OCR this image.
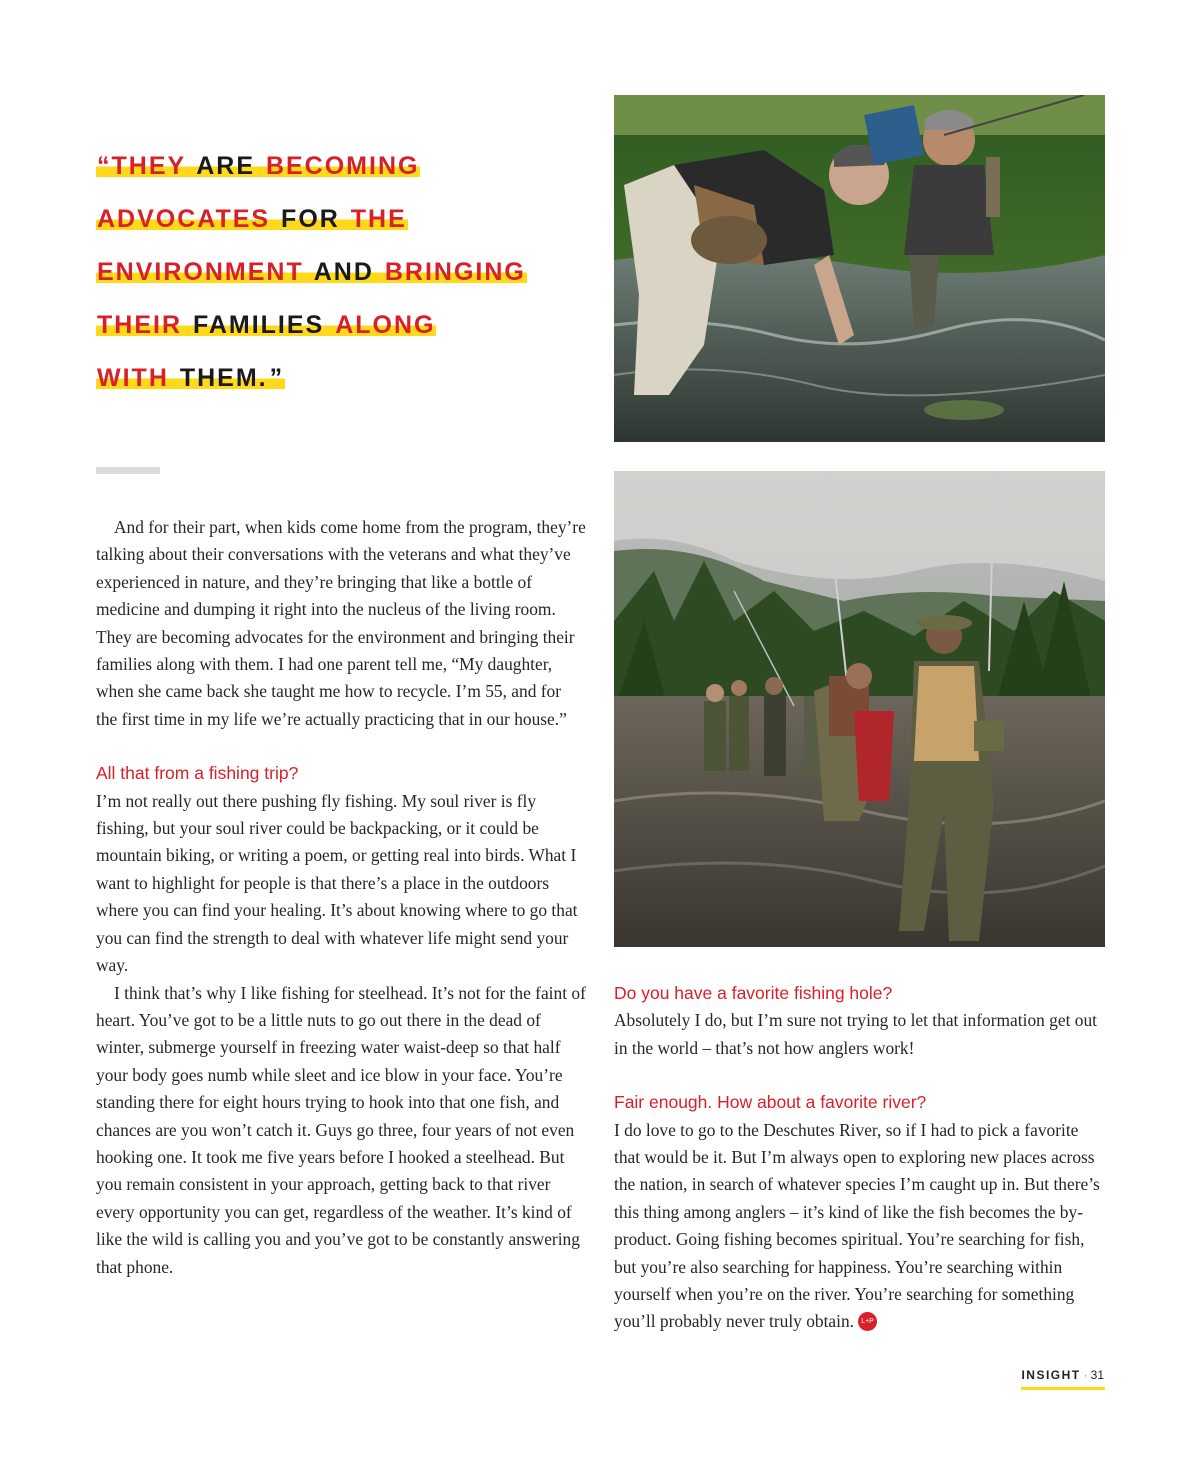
“THEY ARE BECOMING
ADVOCATES FOR THE
ENVIRONMENT AND BRINGING
THEIR FAMILIES ALONG
WITH THEM.”

And for their part, when kids come home from the program, they’re talking about their conversations with the veterans and what they’ve experienced in nature, and they’re bringing that like a bottle of medicine and dumping it right into the nucleus of the living room. They are becoming advocates for the environment and bringing their families along with them. I had one parent tell me, “My daughter, when she came back she taught me how to recycle. I’m 55, and for the first time in my life we’re actually practicing that in our house.”

All that from a fishing trip?

I’m not really out there pushing fly fishing. My soul river is fly fishing, but your soul river could be backpacking, or it could be mountain biking, or writing a poem, or getting real into birds. What I want to highlight for people is that there’s a place in the outdoors where you can find your healing. It’s about knowing where to go that you can find the strength to deal with whatever life might send your way.

I think that’s why I like fishing for steelhead. It’s not for the faint of heart. You’ve got to be a little nuts to go out there in the dead of winter, submerge yourself in freezing water waist-deep so that half your body goes numb while sleet and ice blow in your face. You’re standing there for eight hours trying to hook into that one fish, and chances are you won’t catch it. Guys go three, four years of not even hooking one. It took me five years before I hooked a steelhead. But you remain consistent in your approach, getting back to that river every opportunity you can get, regardless of the weather. It’s kind of like the wild is calling you and you’ve got to be constantly answering that phone.

Do you have a favorite fishing hole?

Absolutely I do, but I’m sure not trying to let that information get out in the world – that’s not how anglers work!

Fair enough. How about a favorite river?

I do love to go to the Deschutes River, so if I had to pick a favorite that would be it. But I’m always open to exploring new places across the nation, in search of whatever species I’m caught up in. But there’s this thing among anglers – it’s kind of like the fish becomes the by-product. Going fishing becomes spiritual. You’re searching for fish, but you’re also searching for happiness. You’re searching within yourself when you’re on the river. You’re searching for something you’ll probably never truly obtain. L+P

INSIGHT · 31
